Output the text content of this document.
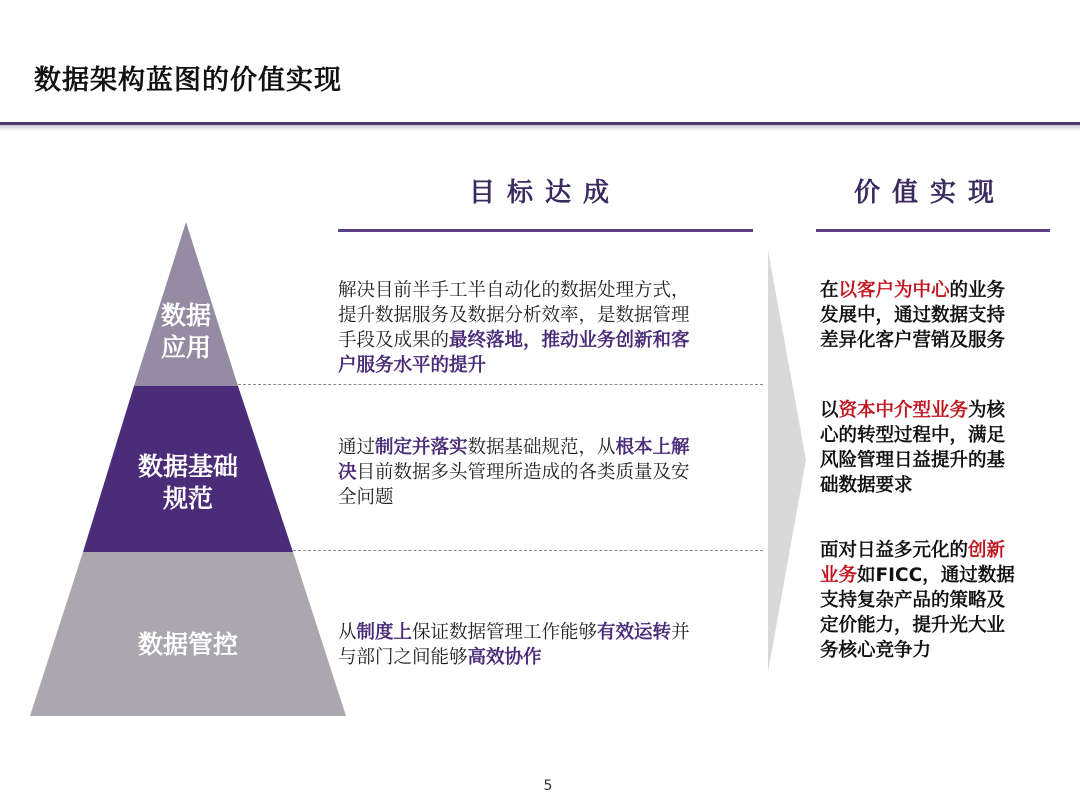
数据架构蓝图的价值实现
目标达成	价值实现
数据
应用
数据基础
规范
数据管控
解决目前半手工半自动化的数据处理方式，
提升数据服务及数据分析效率，是数据管理
手段及成果的最终落地，推动业务创新和客
户服务水平的提升
通过制定并落实数据基础规范，从根本上解
决目前数据多头管理所造成的各类质量及安
全问题
从制度上保证数据管理工作能够有效运转并
与部门之间能够高效协作
在以客户为中心的业务
发展中，通过数据支持
差异化客户营销及服务
以资本中介型业务为核
心的转型过程中，满足
风险管理日益提升的基
础数据要求
面对日益多元化的创新
业务如FICC，通过数据
支持复杂产品的策略及
定价能力，提升光大业
务核心竞争力
5
